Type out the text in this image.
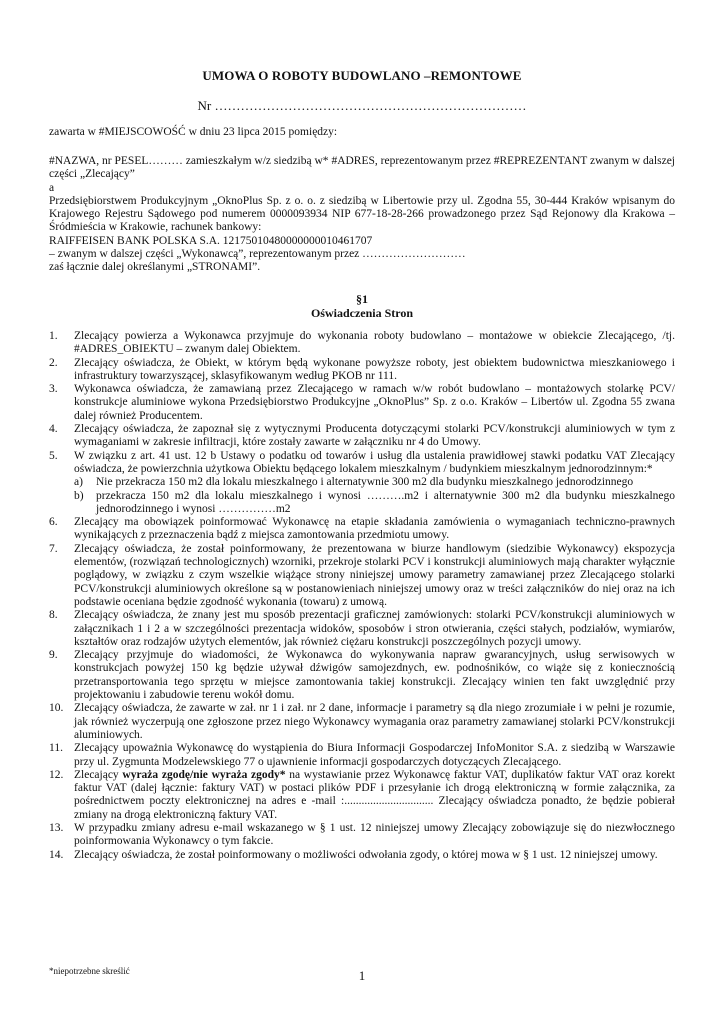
UMOWA O ROBOTY BUDOWLANO –REMONTOWE

Nr ………………………………………………………………

zawarta w #MIEJSCOWOŚĆ w dniu 23 lipca 2015 pomiędzy:

#NAZWA, nr PESEL……… zamieszkałym w/z siedzibą w* #ADRES, reprezentowanym przez #REPREZENTANT zwanym w dalszej części „Zlecający”

a

Przedsiębiorstwem Produkcyjnym „OknoPlus Sp. z o. o. z siedzibą w Libertowie przy ul. Zgodna 55, 30-444 Kraków wpisanym do Krajowego Rejestru Sądowego pod numerem 0000093934 NIP 677-18-28-266 prowadzonego przez Sąd Rejonowy dla Krakowa – Śródmieścia w Krakowie, rachunek bankowy:

RAIFFEISEN BANK POLSKA S.A. 12175010480000000010461707

– zwanym w dalszej części „Wykonawcą”, reprezentowanym przez ………………………

zaś łącznie dalej określanymi „STRONAMI”.

§1

Oświadczenia Stron

1.	Zlecający powierza a Wykonawca przyjmuje do wykonania roboty budowlano – montażowe w obiekcie Zlecającego, /tj. #ADRES_OBIEKTU – zwanym dalej Obiektem.
2.	Zlecający oświadcza, że Obiekt, w którym będą wykonane powyższe roboty, jest obiektem budownictwa mieszkaniowego i infrastruktury towarzyszącej, sklasyfikowanym według PKOB nr 111.
3.	Wykonawca oświadcza, że zamawianą przez Zlecającego w ramach w/w robót budowlano – montażowych stolarkę PCV/ konstrukcje aluminiowe wykona Przedsiębiorstwo Produkcyjne „OknoPlus” Sp. z o.o. Kraków – Libertów ul. Zgodna 55 zwana dalej również Producentem.
4.	Zlecający oświadcza, że zapoznał się z wytycznymi Producenta dotyczącymi stolarki PCV/konstrukcji aluminiowych w tym z wymaganiami w zakresie infiltracji, które zostały zawarte w załączniku nr 4 do Umowy.
5.	W związku z art. 41 ust. 12 b Ustawy o podatku od towarów i usług dla ustalenia prawidłowej stawki podatku VAT Zlecający oświadcza, że powierzchnia użytkowa Obiektu będącego lokalem mieszkalnym / budynkiem mieszkalnym jednorodzinnym:*
a) Nie przekracza 150 m2 dla lokalu mieszkalnego i alternatywnie 300 m2 dla budynku mieszkalnego jednorodzinnego
b) przekracza 150 m2 dla lokalu mieszkalnego i wynosi ……….m2 i alternatywnie 300 m2 dla budynku mieszkalnego jednorodzinnego i wynosi ……………m2
6.	Zlecający ma obowiązek poinformować Wykonawcę na etapie składania zamówienia o wymaganiach techniczno-prawnych wynikających z przeznaczenia bądź z miejsca zamontowania przedmiotu umowy.
7.	Zlecający oświadcza, że został poinformowany, że prezentowana w biurze handlowym (siedzibie Wykonawcy) ekspozycja elementów, (rozwiązań technologicznych) wzorniki, przekroje stolarki PCV i konstrukcji aluminiowych mają charakter wyłącznie poglądowy, w związku z czym wszelkie wiążące strony niniejszej umowy parametry zamawianej przez Zlecającego stolarki PCV/konstrukcji aluminiowych określone są w postanowieniach niniejszej umowy oraz w treści załączników do niej oraz na ich podstawie oceniana będzie zgodność wykonania (towaru) z umową.
8.	Zlecający oświadcza, że znany jest mu sposób prezentacji graficznej zamówionych: stolarki PCV/konstrukcji aluminiowych w załącznikach 1 i 2 a w szczególności prezentacja widoków, sposobów i stron otwierania, części stałych, podziałów, wymiarów, kształtów oraz rodzajów użytych elementów, jak również ciężaru konstrukcji poszczególnych pozycji umowy.
9.	Zlecający przyjmuje do wiadomości, że Wykonawca do wykonywania napraw gwarancyjnych, usług serwisowych w konstrukcjach powyżej 150 kg będzie używał dźwigów samojezdnych, ew. podnośników, co wiąże się z koniecznością przetransportowania tego sprzętu w miejsce zamontowania takiej konstrukcji. Zlecający winien ten fakt uwzględnić przy projektowaniu i zabudowie terenu wokół domu.
10. Zlecający oświadcza, że zawarte w zał. nr 1 i zał. nr 2 dane, informacje i parametry są dla niego zrozumiałe i w pełni je rozumie, jak również wyczerpują one zgłoszone przez niego Wykonawcy wymagania oraz parametry zamawianej stolarki PCV/konstrukcji aluminiowych.
11. Zlecający upoważnia Wykonawcę do wystąpienia do Biura Informacji Gospodarczej InfoMonitor S.A. z siedzibą w Warszawie przy ul. Zygmunta Modzelewskiego 77 o ujawnienie informacji gospodarczych dotyczących Zlecającego.
12. Zlecający wyraża zgodę/nie wyraża zgody* na wystawianie przez Wykonawcę faktur VAT, duplikatów faktur VAT oraz korekt faktur VAT (dalej łącznie: faktury VAT) w postaci plików PDF i przesyłanie ich drogą elektroniczną w formie załącznika, za pośrednictwem poczty elektronicznej na adres e -mail :............................... Zlecający oświadcza ponadto, że będzie pobierał zmiany na drogą elektroniczną faktury VAT.
13. W przypadku zmiany adresu e-mail wskazanego w § 1 ust. 12 niniejszej umowy Zlecający zobowiązuje się do niezwłocznego poinformowania Wykonawcy o tym fakcie.
14. Zlecający oświadcza, że został poinformowany o możliwości odwołania zgody, o której mowa w § 1 ust. 12 niniejszej umowy.

*niepotrzebne skreślić	1
